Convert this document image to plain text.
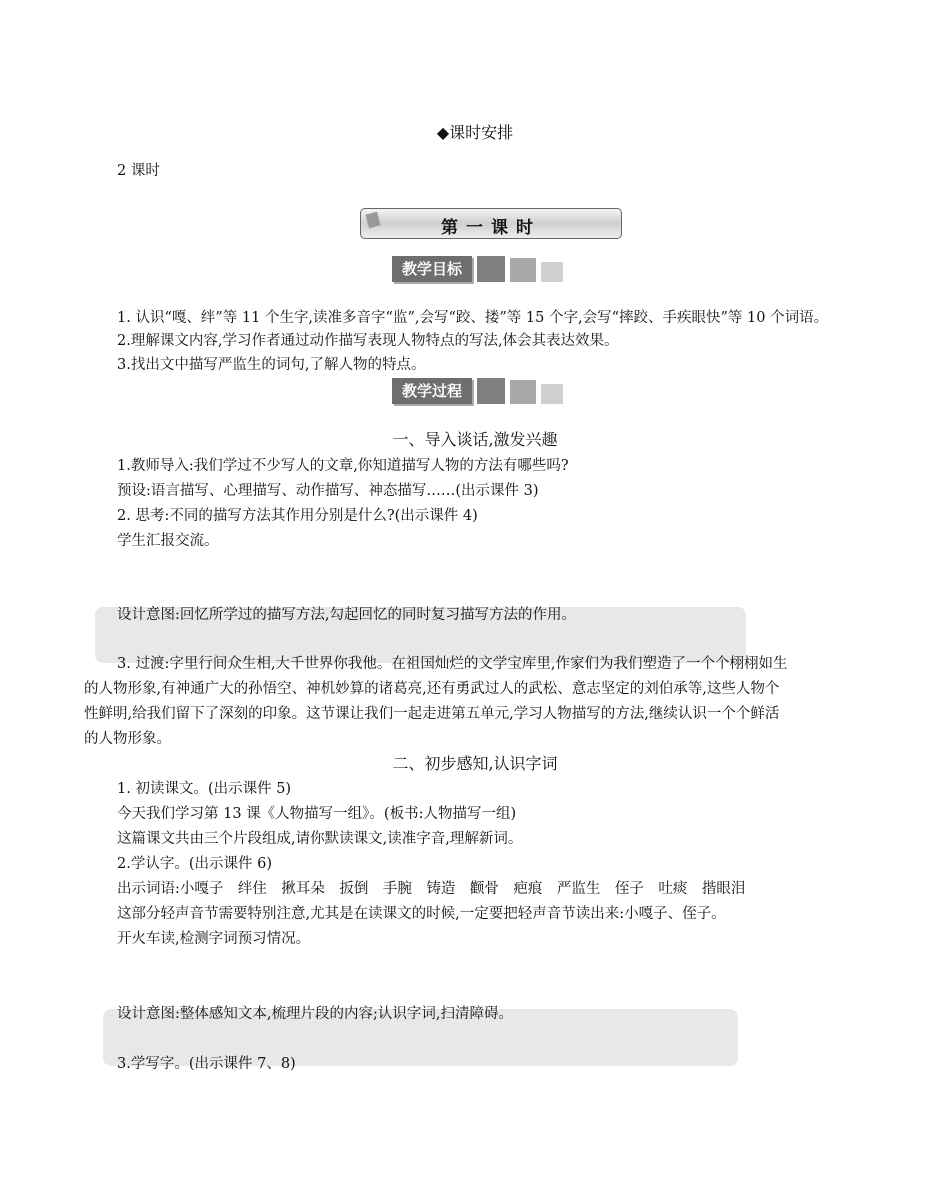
◆课时安排
2 课时
第一课时
教学目标
1. 认识“嘎、绊”等 11 个生字,读准多音字“监”,会写“跤、搂”等 15 个字,会写“摔跤、手疾眼快”等 10 个词语。
2.理解课文内容,学习作者通过动作描写表现人物特点的写法,体会其表达效果。
3.找出文中描写严监生的词句,了解人物的特点。
教学过程
一、导入谈话,激发兴趣
1.教师导入:我们学过不少写人的文章,你知道描写人物的方法有哪些吗?
预设:语言描写、心理描写、动作描写、神态描写……(出示课件 3)
2. 思考:不同的描写方法其作用分别是什么?(出示课件 4)
学生汇报交流。
设计意图:回忆所学过的描写方法,勾起回忆的同时复习描写方法的作用。
3. 过渡:字里行间众生相,大千世界你我他。在祖国灿烂的文学宝库里,作家们为我们塑造了一个个栩栩如生
的人物形象,有神通广大的孙悟空、神机妙算的诸葛亮,还有勇武过人的武松、意志坚定的刘伯承等,这些人物个
性鲜明,给我们留下了深刻的印象。这节课让我们一起走进第五单元,学习人物描写的方法,继续认识一个个鲜活
的人物形象。
二、初步感知,认识字词
1. 初读课文。(出示课件 5)
今天我们学习第 13 课《人物描写一组》。(板书:人物描写一组)
这篇课文共由三个片段组成,请你默读课文,读准字音,理解新词。
2.学认字。(出示课件 6)
出示词语:小嘎子　绊住　揪耳朵　扳倒　手腕　铸造　颧骨　疤痕　严监生　侄子　吐痰　揩眼泪
这部分轻声音节需要特别注意,尤其是在读课文的时候,一定要把轻声音节读出来:小嘎子、侄子。
开火车读,检测字词预习情况。
设计意图:整体感知文本,梳理片段的内容;认识字词,扫清障碍。
3.学写字。(出示课件 7、8)
